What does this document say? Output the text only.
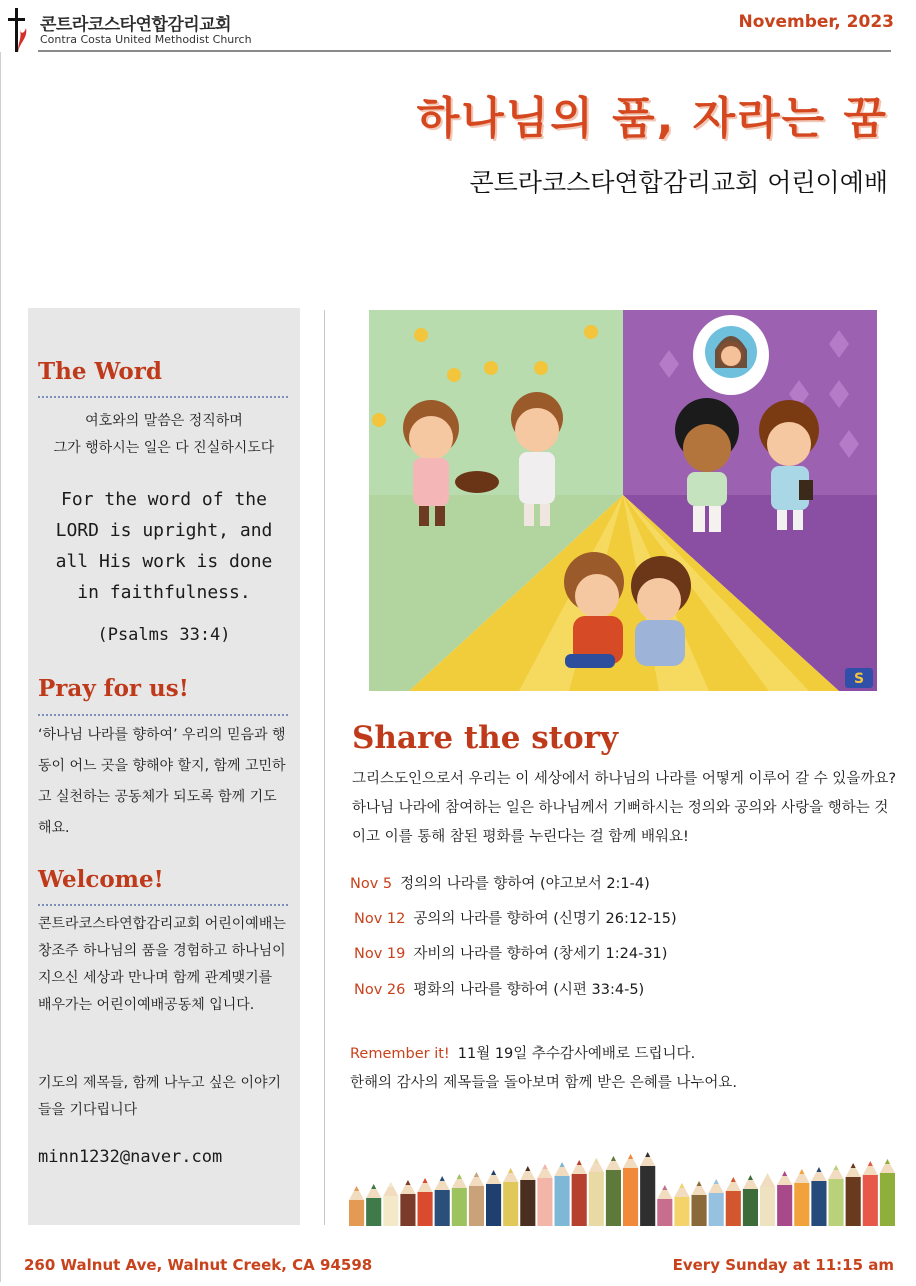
콘트라코스타연합감리교회
Contra Costa United Methodist Church
November, 2023
하나님의 품, 자라는 꿈
콘트라코스타연합감리교회 어린이예배
The Word
여호와의 말씀은 정직하며
그가 행하시는 일은 다 진실하시도다
For the word of the LORD is upright, and all His work is done in faithfulness.
(Psalms 33:4)
Pray for us!
‘하나님 나라를 향하여’ 우리의 믿음과 행동이 어느 곳을 향해야 할지, 함께 고민하고 실천하는 공동체가 되도록 함께 기도해요.
Welcome!
콘트라코스타연합감리교회 어린이예배는 창조주 하나님의 품을 경험하고 하나님이 지으신 세상과 만나며 함께 관계맺기를 배우가는 어린이예배공동체 입니다.
기도의 제목들, 함께 나누고 싶은 이야기들을 기다립니다
minn1232@naver.com
S
Share the story
그리스도인으로서 우리는 이 세상에서 하나님의 나라를 어떻게 이루어 갈 수 있을까요? 하나님 나라에 참여하는 일은 하나님께서 기뻐하시는 정의와 공의와 사랑을 행하는 것이고 이를 통해 참된 평화를 누린다는 걸 함께 배워요!
Nov 5 정의의 나라를 향하여 (야고보서 2:1-4)
Nov 12 공의의 나라를 향하여 (신명기 26:12-15)
Nov 19 자비의 나라를 향하여 (창세기 1:24-31)
Nov 26 평화의 나라를 향하여 (시편 33:4-5)
Remember it! 11월 19일 추수감사예배로 드립니다.
한해의 감사의 제목들을 돌아보며 함께 받은 은혜를 나누어요.
260 Walnut Ave, Walnut Creek, CA 94598	Every Sunday at 11:15 am
